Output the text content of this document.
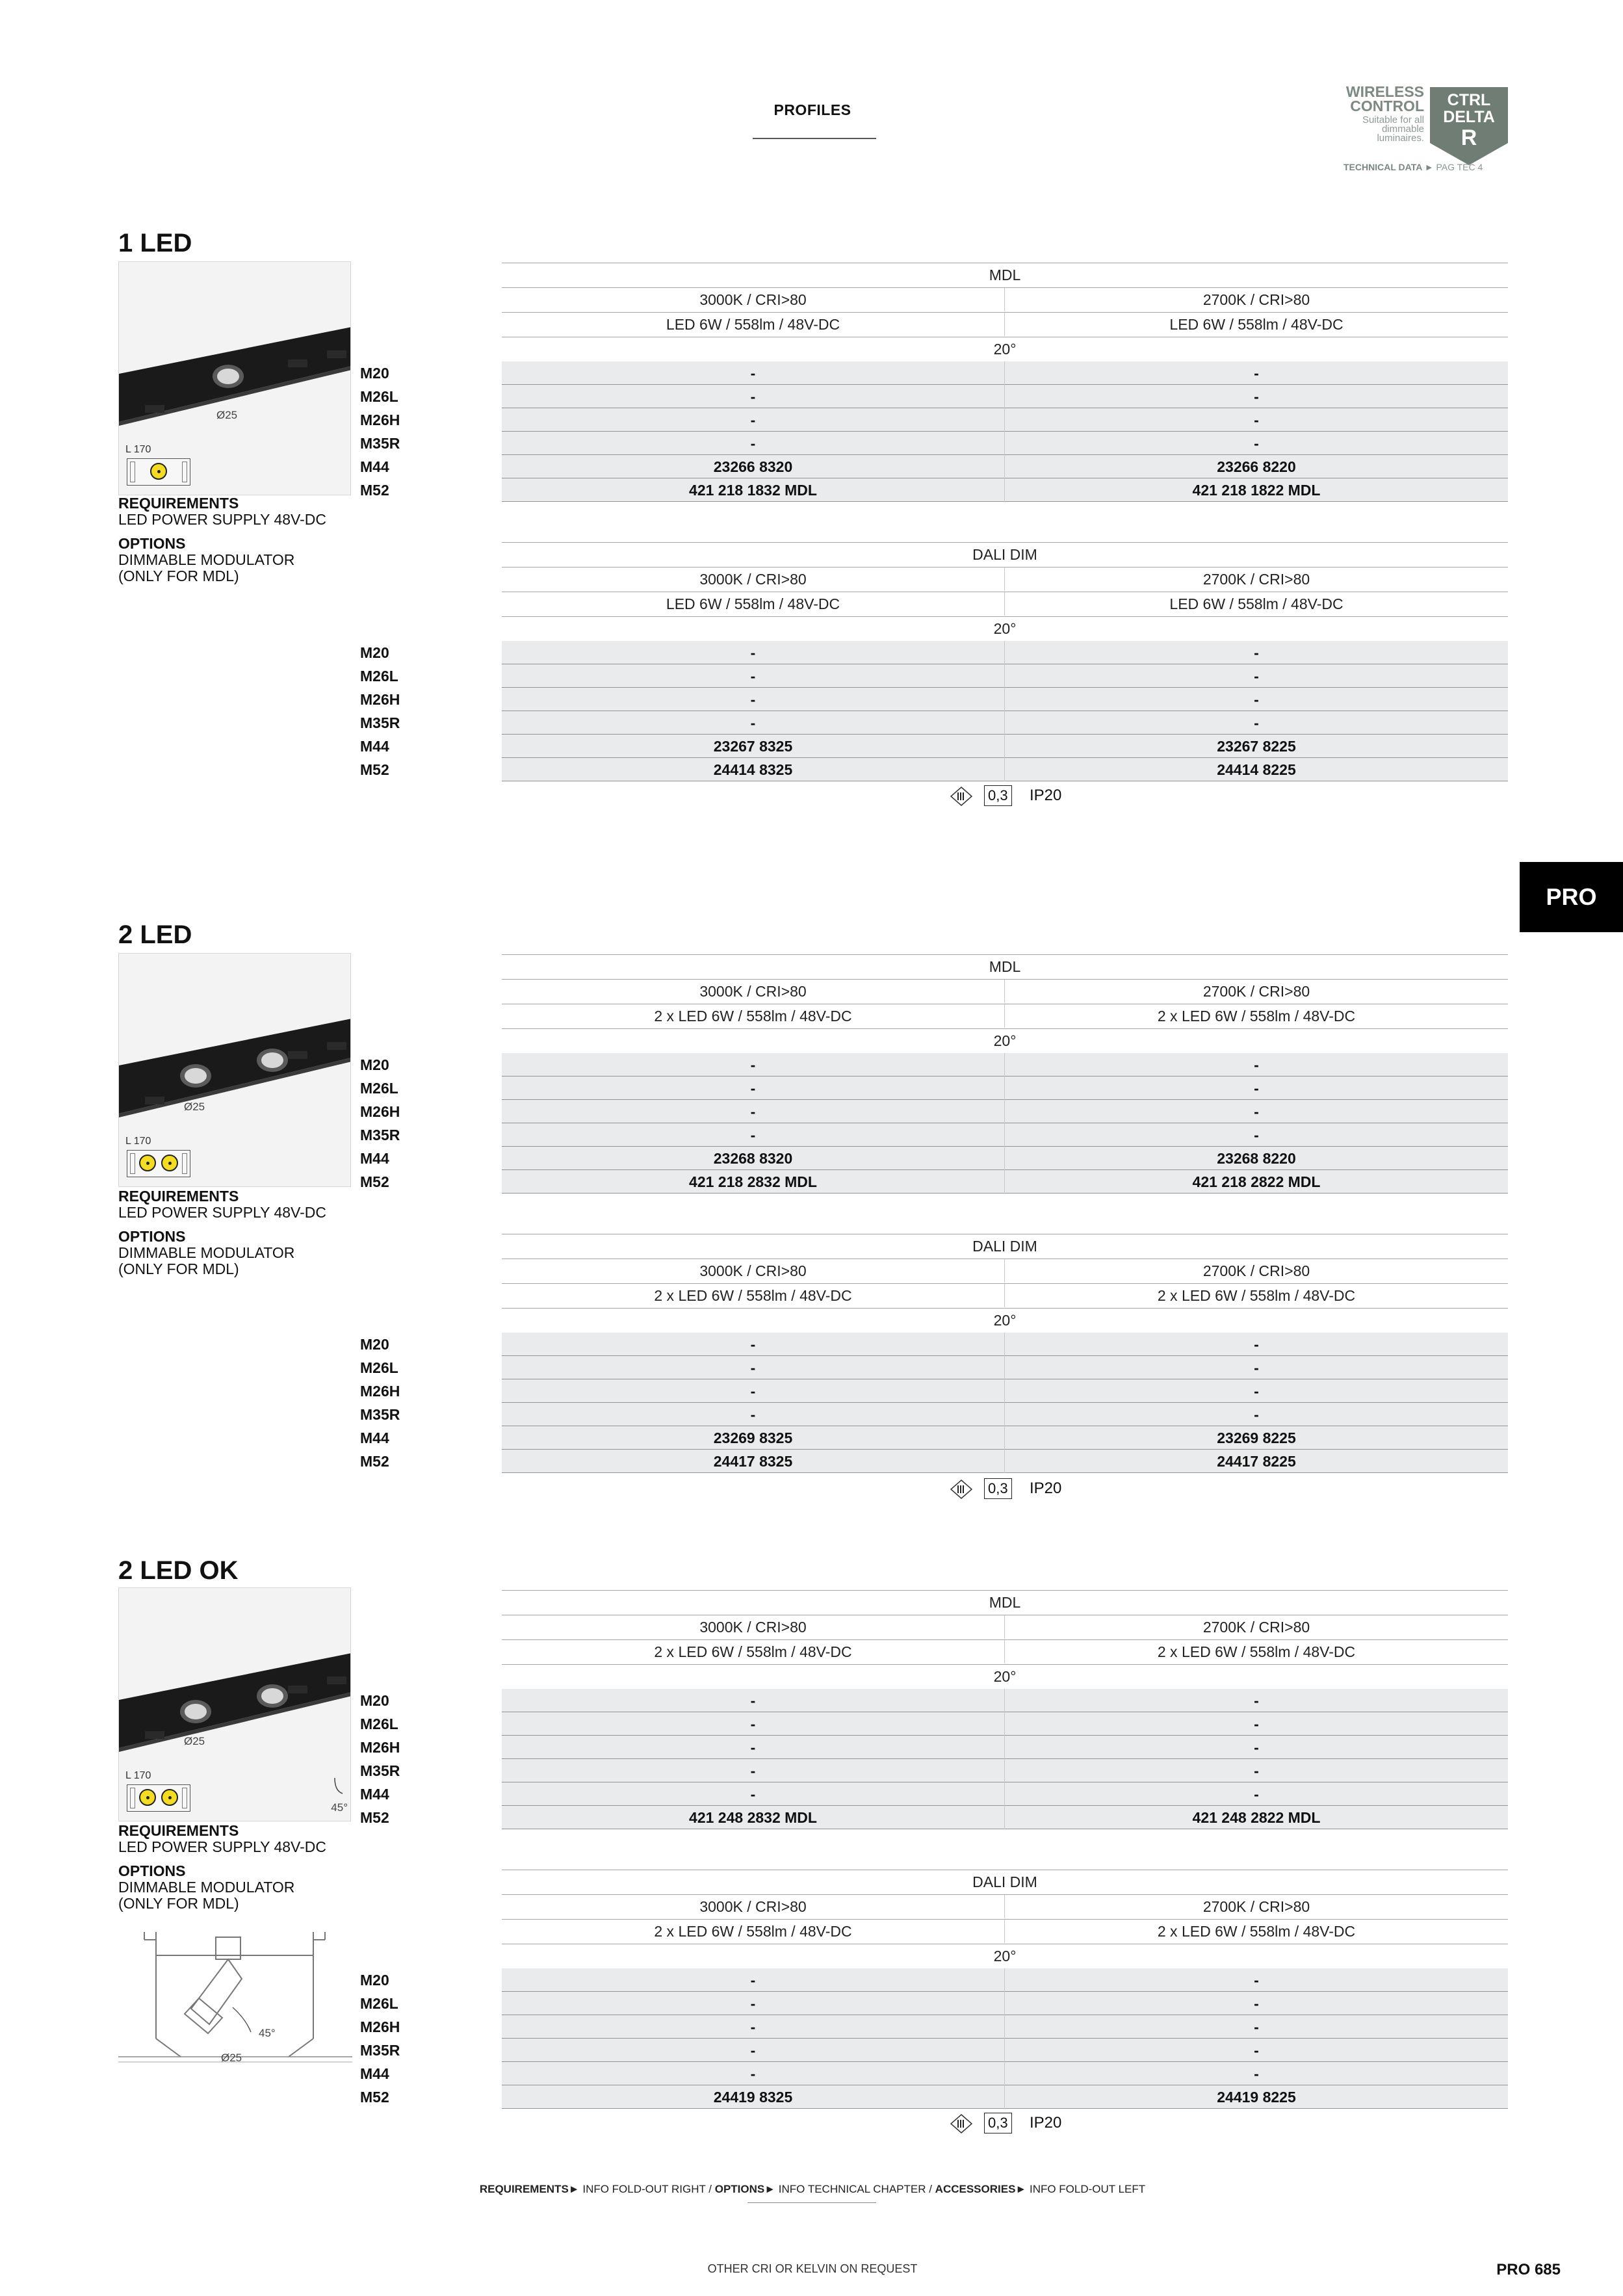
PROFILES
WIRELESS
CONTROL
Suitable for all dimmable luminaires.
CTRL
DELTA
R
TECHNICAL DATA ► PAG TEC 4
PRO
1 LED
Ø25
L 170
REQUIREMENTS
LED POWER SUPPLY 48V-DC
OPTIONS
DIMMABLE MODULATOR
(ONLY FOR MDL)
MDL
3000K / CRI>80	2700K / CRI>80
LED 6W / 558lm / 48V-DC	LED 6W / 558lm / 48V-DC
20°
M20	-	-
M26L	-	-
M26H	-	-
M35R	-	-
M44	23266 8320	23266 8220
M52	421 218 1832 MDL	421 218 1822 MDL
DALI DIM
3000K / CRI>80	2700K / CRI>80
LED 6W / 558lm / 48V-DC	LED 6W / 558lm / 48V-DC
20°
M20	-	-
M26L	-	-
M26H	-	-
M35R	-	-
M44	23267 8325	23267 8225
M52	24414 8325	24414 8225
0,3 IP20
2 LED
Ø25
L 170
REQUIREMENTS
LED POWER SUPPLY 48V-DC
OPTIONS
DIMMABLE MODULATOR
(ONLY FOR MDL)
MDL
3000K / CRI>80	2700K / CRI>80
2 x LED 6W / 558lm / 48V-DC	2 x LED 6W / 558lm / 48V-DC
20°
M20	-	-
M26L	-	-
M26H	-	-
M35R	-	-
M44	23268 8320	23268 8220
M52	421 218 2832 MDL	421 218 2822 MDL
DALI DIM
3000K / CRI>80	2700K / CRI>80
2 x LED 6W / 558lm / 48V-DC	2 x LED 6W / 558lm / 48V-DC
20°
M20	-	-
M26L	-	-
M26H	-	-
M35R	-	-
M44	23269 8325	23269 8225
M52	24417 8325	24417 8225
0,3 IP20
2 LED OK
Ø25
L 170
45°
REQUIREMENTS
LED POWER SUPPLY 48V-DC
OPTIONS
DIMMABLE MODULATOR
(ONLY FOR MDL)
MDL
3000K / CRI>80	2700K / CRI>80
2 x LED 6W / 558lm / 48V-DC	2 x LED 6W / 558lm / 48V-DC
20°
M20	-	-
M26L	-	-
M26H	-	-
M35R	-	-
M44	-	-
M52	421 248 2832 MDL	421 248 2822 MDL
DALI DIM
3000K / CRI>80	2700K / CRI>80
2 x LED 6W / 558lm / 48V-DC	2 x LED 6W / 558lm / 48V-DC
20°
M20	-	-
M26L	-	-
M26H	-	-
M35R	-	-
M44	-	-
M52	24419 8325	24419 8225
0,3 IP20
45°
Ø25
REQUIREMENTS► INFO FOLD-OUT RIGHT / OPTIONS► INFO TECHNICAL CHAPTER / ACCESSORIES► INFO FOLD-OUT LEFT
OTHER CRI OR KELVIN ON REQUEST	PRO 685
